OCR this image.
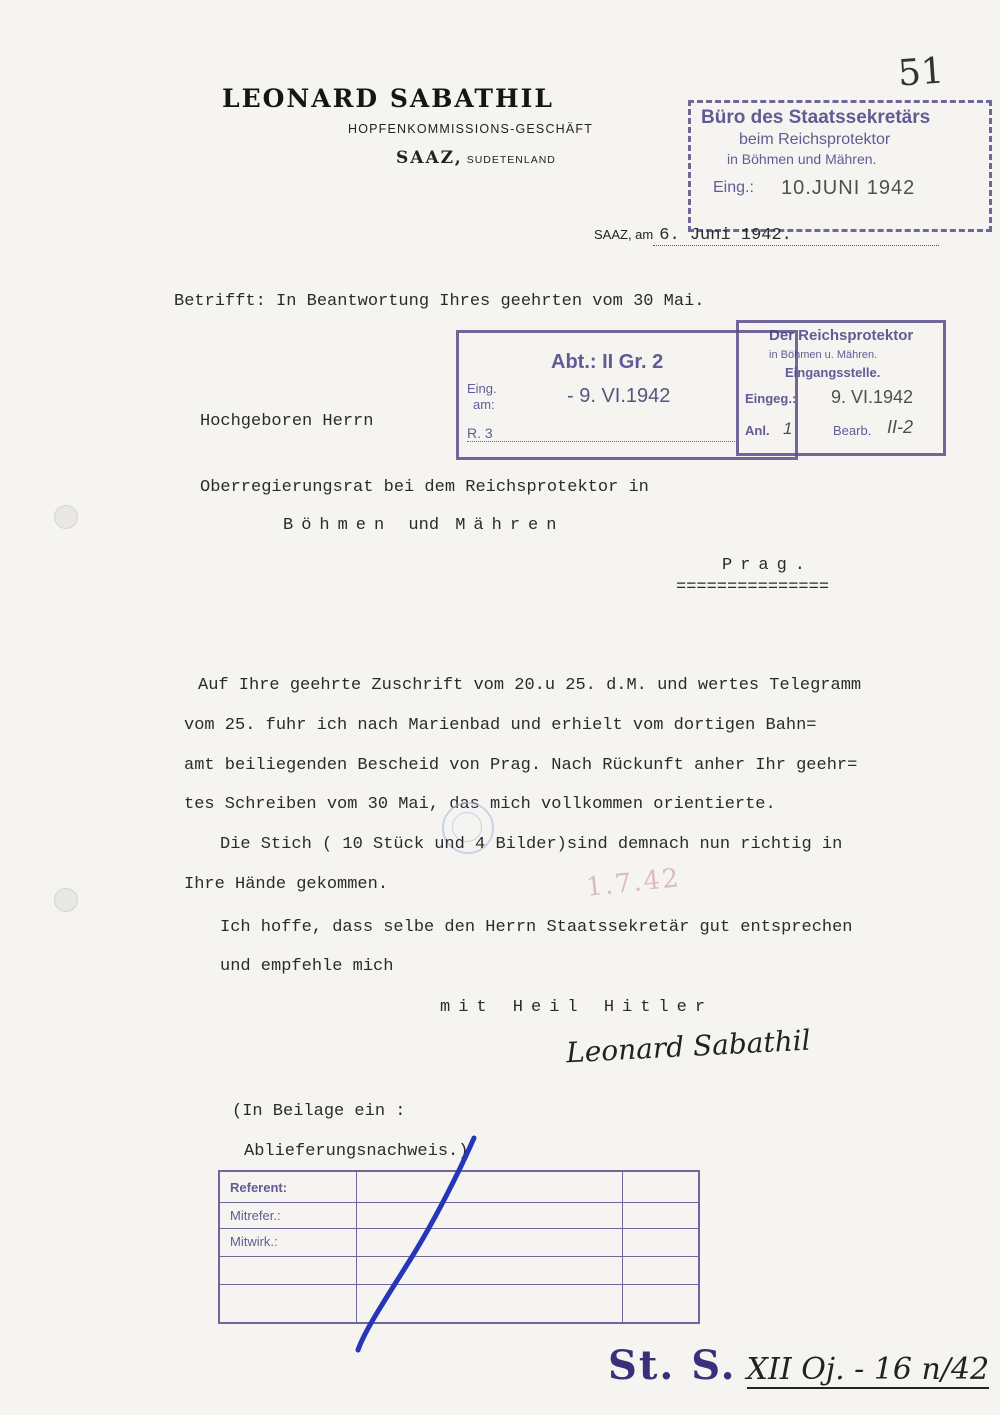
51
LEONARD SABATHIL
HOPFENKOMMISSIONS-GESCHÄFT
SAAZ, SUDETENLAND
Büro des Staatssekretärs
beim Reichsprotektor
in Böhmen und Mähren.
Eing.: 10.JUNI 1942
SAAZ, am 6. Juni 1942.
Betrifft: In Beantwortung Ihres geehrten vom 30 Mai.
Abt.: II Gr. 2
Eing.
am:	- 9. VI.1942
R. 3
Der Reichsprotektor
in Böhmen u. Mähren.
Eingangsstelle.
Eingeg.: 9. VI.1942
Anl. 1	Bearb. II-2
Hochgeboren Herrn
Oberregierungsrat bei dem Reichsprotektor in
Böhmen und Mähren
Prag.
===============
Auf Ihre geehrte Zuschrift vom 20.u 25. d.M. und wertes Telegramm
vom 25. fuhr ich nach Marienbad und erhielt vom dortigen Bahn=
amt beiliegenden Bescheid von Prag. Nach Rückunft anher Ihr geehr=
tes Schreiben vom 30 Mai, das mich vollkommen orientierte.
Die Stich ( 10 Stück und 4 Bilder)sind demnach nun richtig in
Ihre Hände gekommen.	1.7.42
Ich hoffe, dass selbe den Herrn Staatssekretär gut entsprechen
und empfehle mich
mit Heil Hitler
Leonard Sabathil
(In Beilage ein :
Ablieferungsnachweis.)
Referent:
Mitrefer.:
Mitwirk.:
St. S. XII Oj. - 16 n/42
